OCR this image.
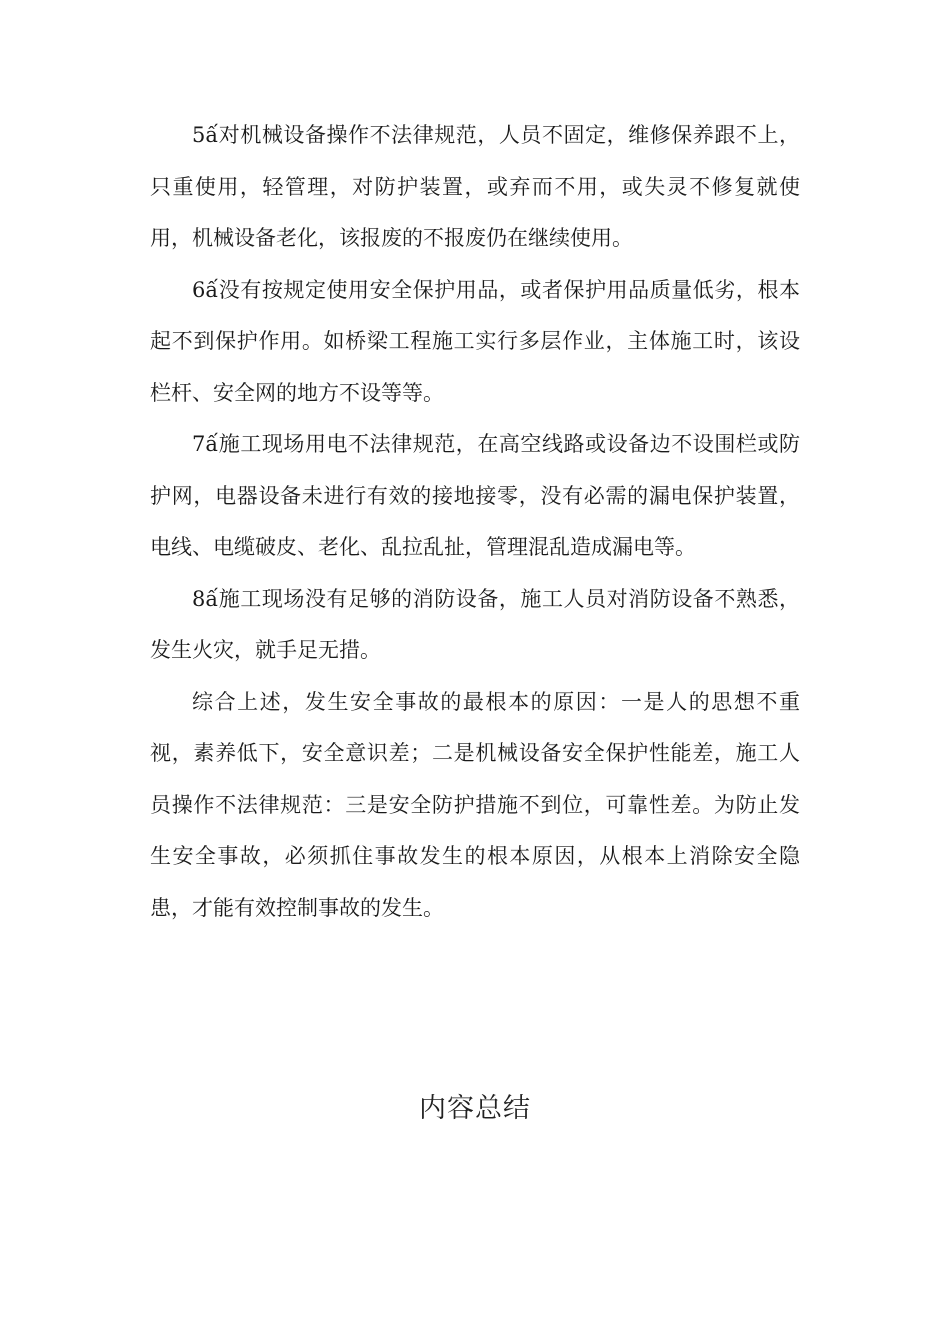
5ấ对机械设备操作不法律规范，人员不固定，维修保养跟不上，只重使用，轻管理，对防护装置，或弃而不用，或失灵不修复就使用，机械设备老化，该报废的不报废仍在继续使用。

6ấ没有按规定使用安全保护用品，或者保护用品质量低劣，根本起不到保护作用。如桥梁工程施工实行多层作业，主体施工时，该设栏杆、安全网的地方不设等等。

7ấ施工现场用电不法律规范，在高空线路或设备边不设围栏或防护网，电器设备未进行有效的接地接零，没有必需的漏电保护装置，电线、电缆破皮、老化、乱拉乱扯，管理混乱造成漏电等。

8ấ施工现场没有足够的消防设备，施工人员对消防设备不熟悉，发生火灾，就手足无措。

综合上述，发生安全事故的最根本的原因：一是人的思想不重视，素养低下，安全意识差；二是机械设备安全保护性能差，施工人员操作不法律规范：三是安全防护措施不到位，可靠性差。为防止发生安全事故，必须抓住事故发生的根本原因，从根本上消除安全隐患，才能有效控制事故的发生。

内容总结
